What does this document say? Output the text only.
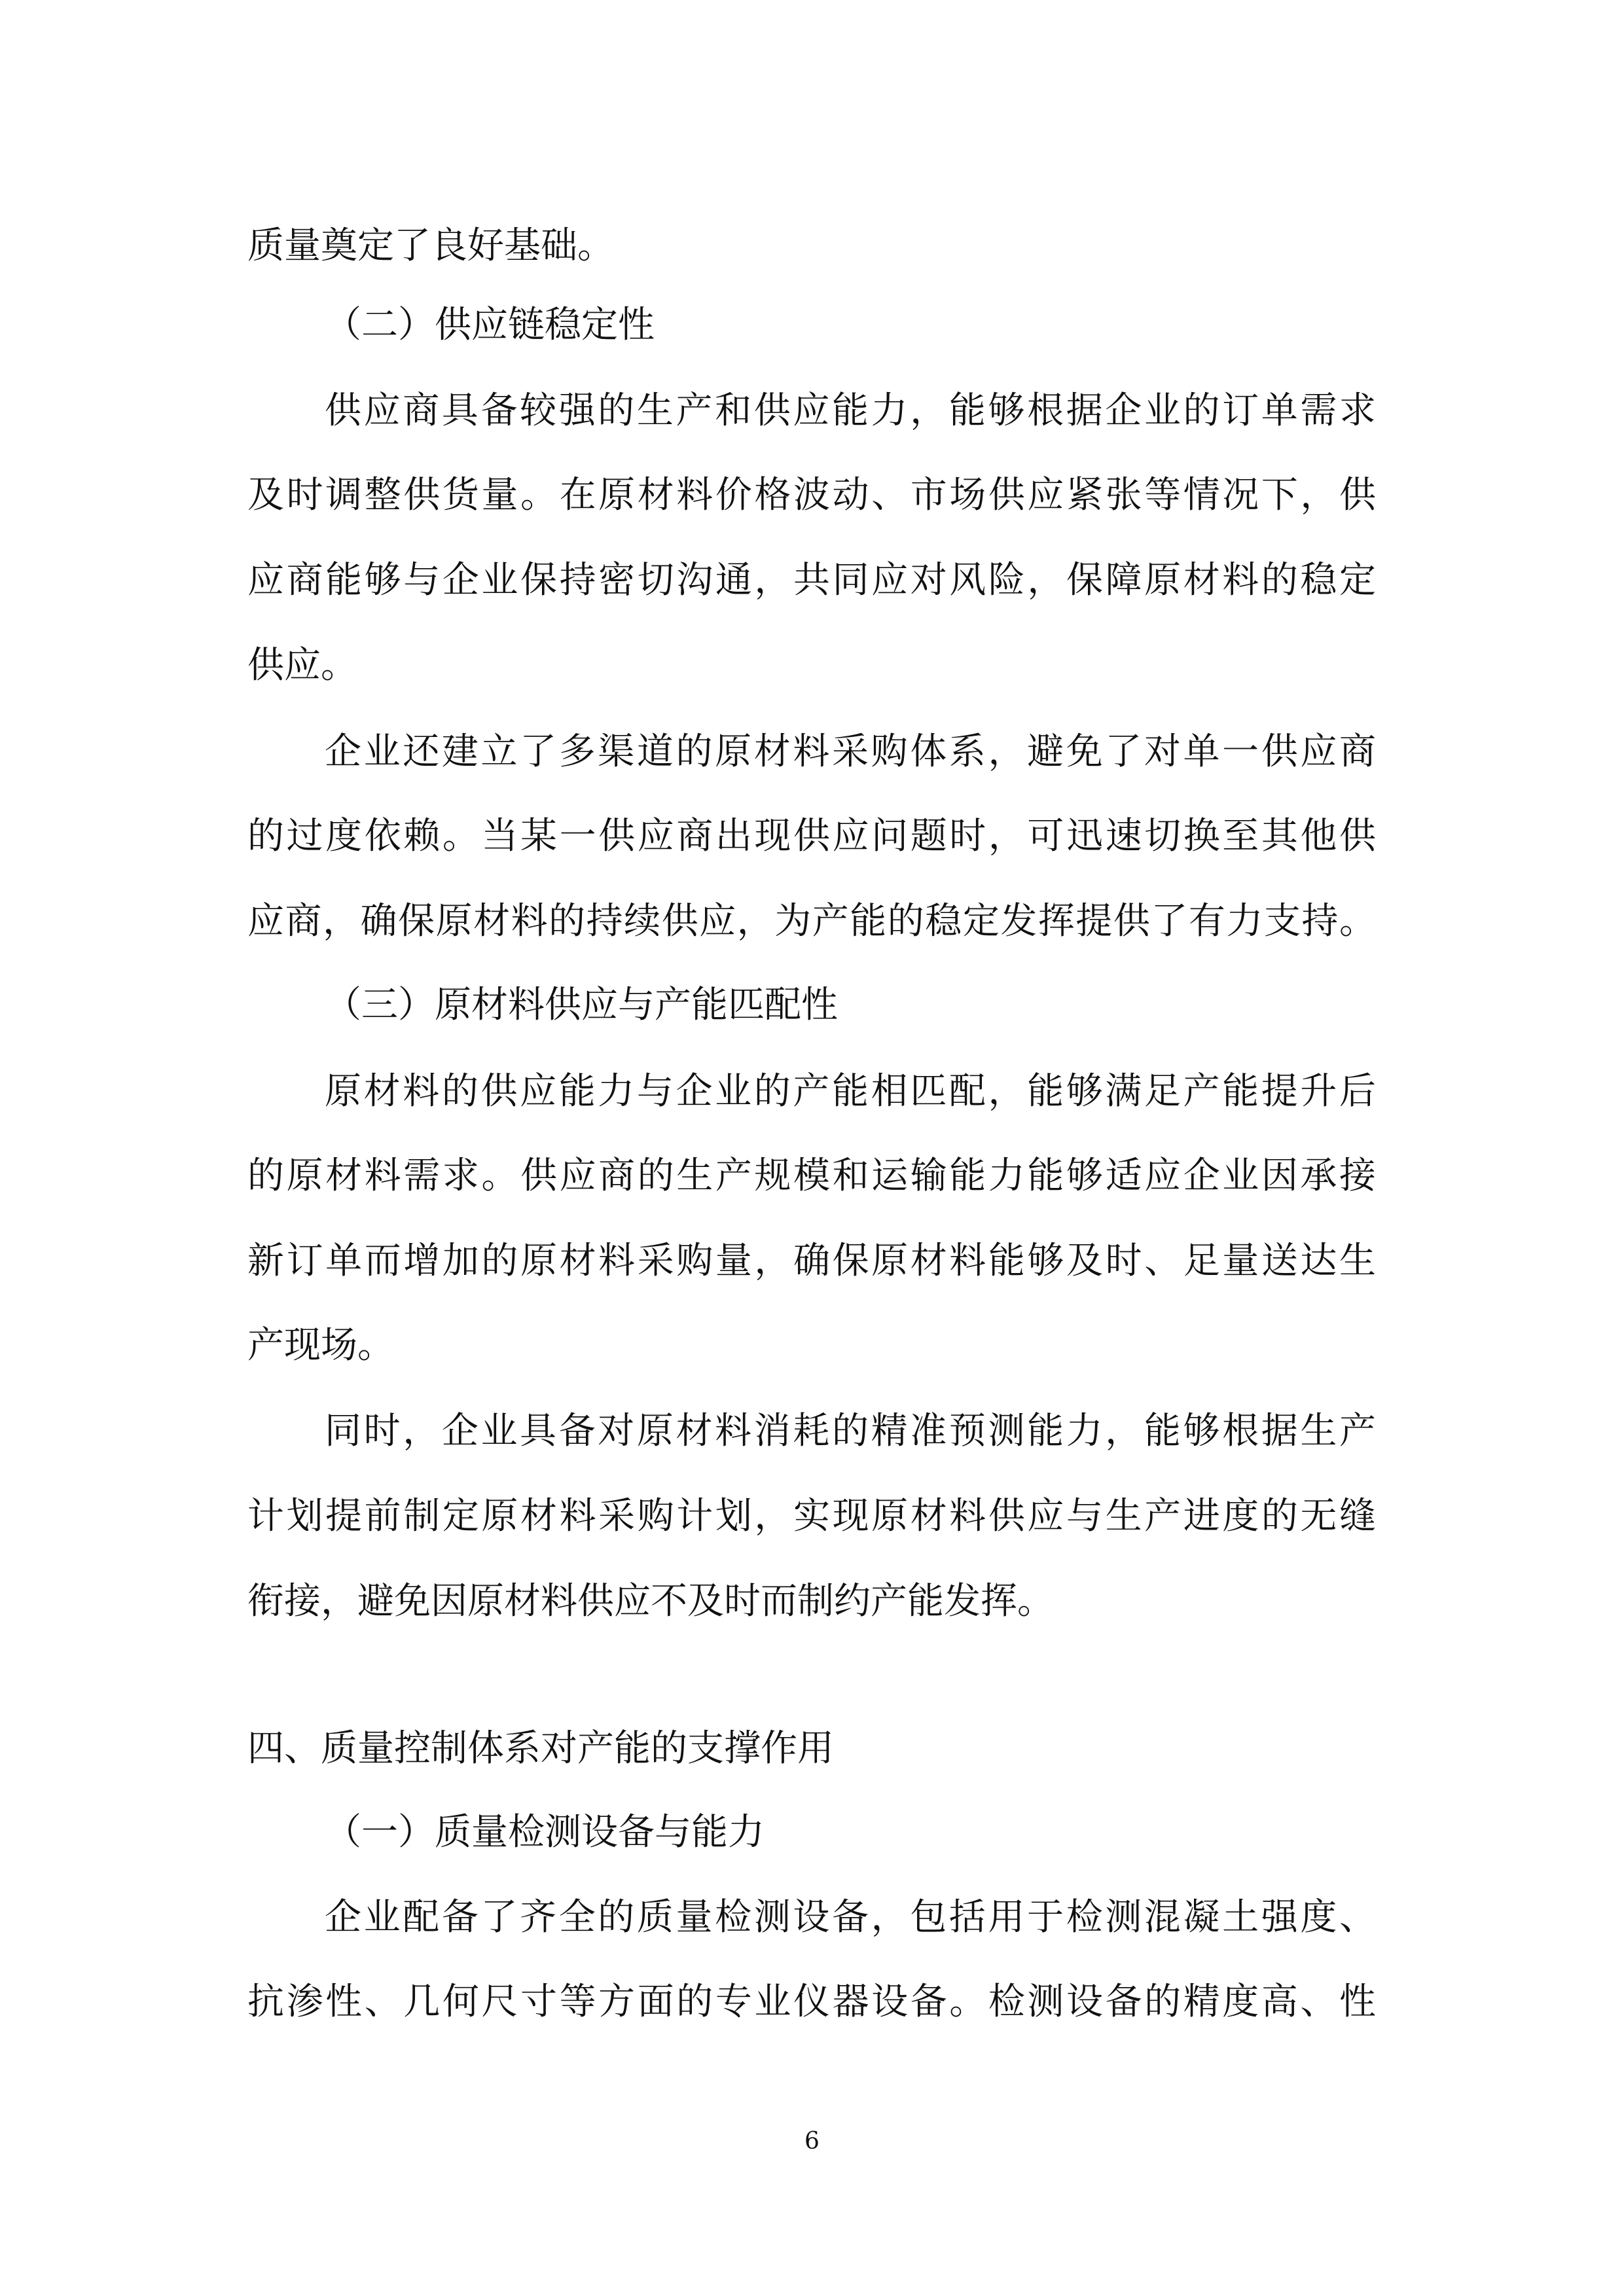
质量奠定了良好基础。
（二）供应链稳定性
供应商具备较强的生产和供应能力，能够根据企业的订单需求
及时调整供货量。在原材料价格波动、市场供应紧张等情况下，供
应商能够与企业保持密切沟通，共同应对风险，保障原材料的稳定
供应。
企业还建立了多渠道的原材料采购体系，避免了对单一供应商
的过度依赖。当某一供应商出现供应问题时，可迅速切换至其他供
应商，确保原材料的持续供应，为产能的稳定发挥提供了有力支持。
（三）原材料供应与产能匹配性
原材料的供应能力与企业的产能相匹配，能够满足产能提升后
的原材料需求。供应商的生产规模和运输能力能够适应企业因承接
新订单而增加的原材料采购量，确保原材料能够及时、足量送达生
产现场。
同时，企业具备对原材料消耗的精准预测能力，能够根据生产
计划提前制定原材料采购计划，实现原材料供应与生产进度的无缝
衔接，避免因原材料供应不及时而制约产能发挥。
四、质量控制体系对产能的支撑作用
（一）质量检测设备与能力
企业配备了齐全的质量检测设备，包括用于检测混凝土强度、
抗渗性、几何尺寸等方面的专业仪器设备。检测设备的精度高、性
6
